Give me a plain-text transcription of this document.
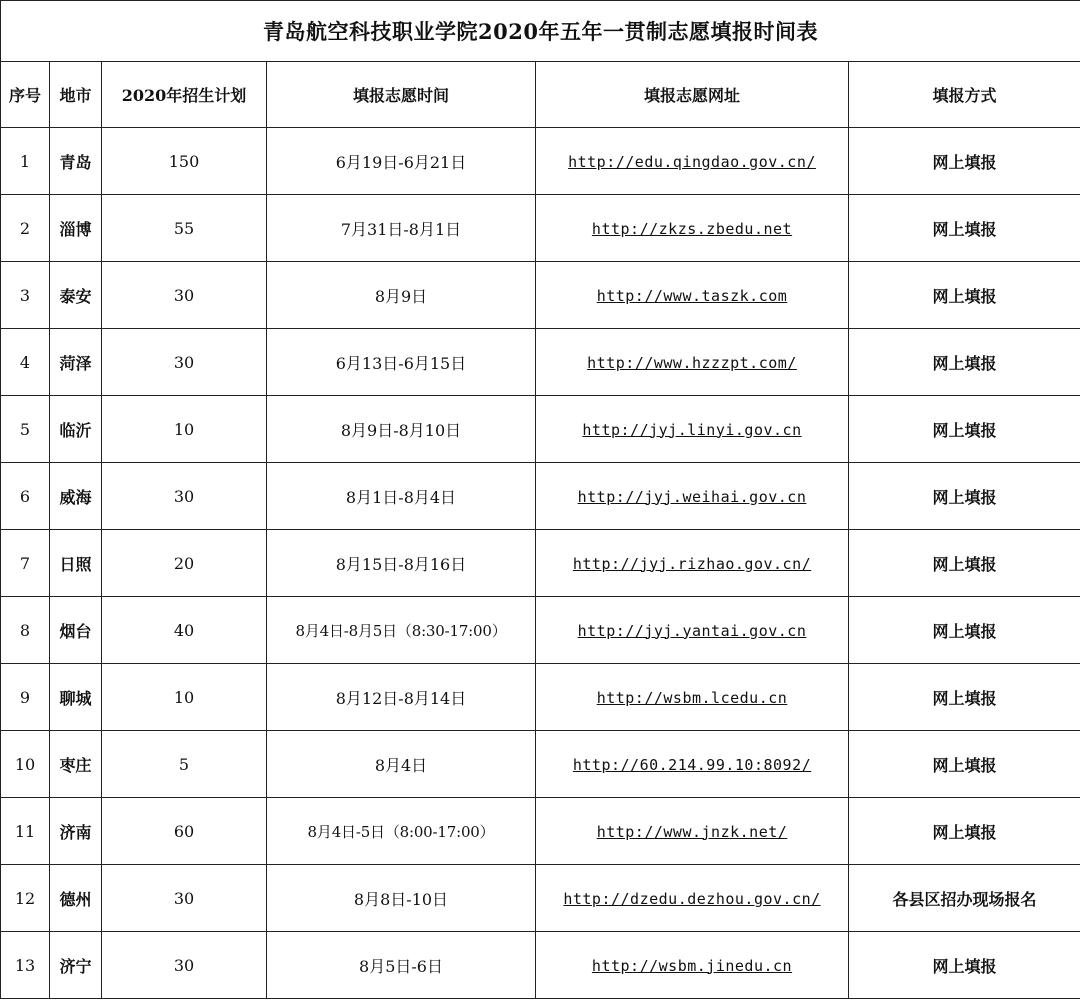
青岛航空科技职业学院2020年五年一贯制志愿填报时间表					
序号	地市	2020年招生计划	填报志愿时间	填报志愿网址	填报方式
1	青岛	150	6月19日-6月21日	http://edu.qingdao.gov.cn/	网上填报
2	淄博	55	7月31日-8月1日	http://zkzs.zbedu.net	网上填报
3	泰安	30	8月9日	http://www.taszk.com	网上填报
4	菏泽	30	6月13日-6月15日	http://www.hzzzpt.com/	网上填报
5	临沂	10	8月9日-8月10日	http://jyj.linyi.gov.cn	网上填报
6	威海	30	8月1日-8月4日	http://jyj.weihai.gov.cn	网上填报
7	日照	20	8月15日-8月16日	http://jyj.rizhao.gov.cn/	网上填报
8	烟台	40	8月4日-8月5日（8:30-17:00）	http://jyj.yantai.gov.cn	网上填报
9	聊城	10	8月12日-8月14日	http://wsbm.lcedu.cn	网上填报
10	枣庄	5	8月4日	http://60.214.99.10:8092/	网上填报
11	济南	60	8月4日-5日（8:00-17:00）	http://www.jnzk.net/	网上填报
12	德州	30	8月8日-10日	http://dzedu.dezhou.gov.cn/	各县区招办现场报名
13	济宁	30	8月5日-6日	http://wsbm.jinedu.cn	网上填报
